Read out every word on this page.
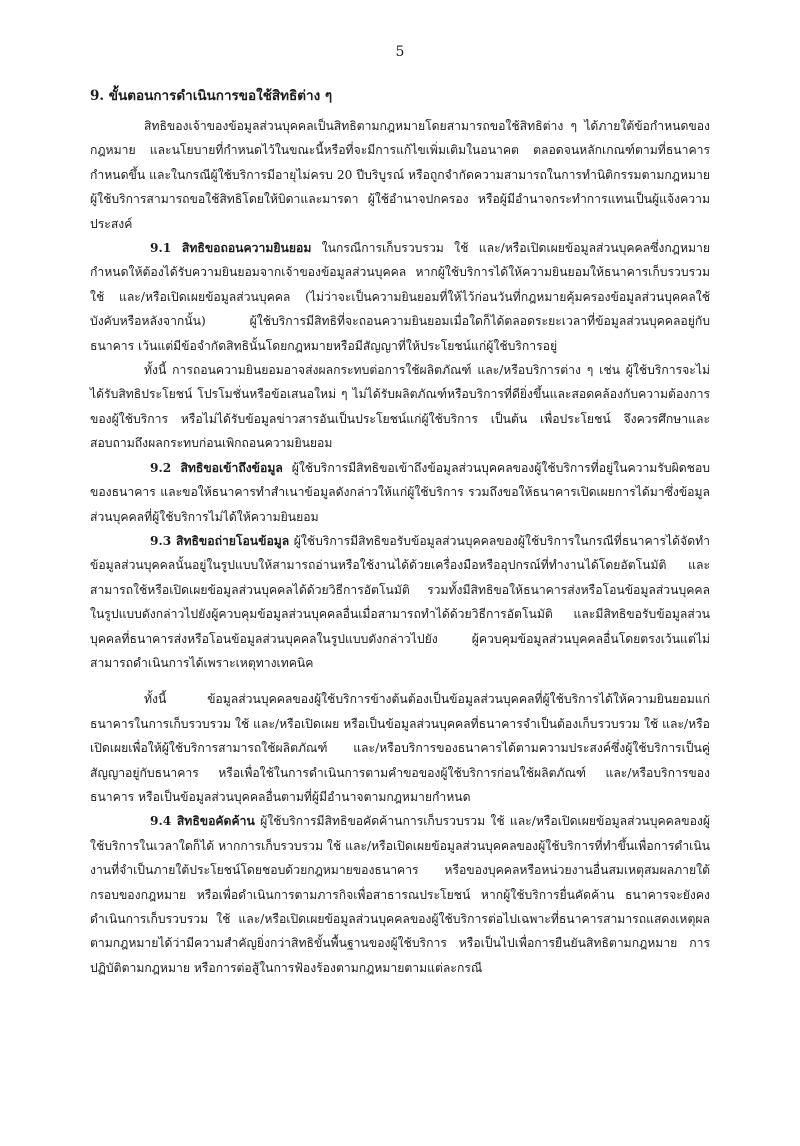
5
9. ขั้นตอนการดำเนินการขอใช้สิทธิต่าง ๆ

สิทธิของเจ้าของข้อมูลส่วนบุคคลเป็นสิทธิตามกฎหมายโดยสามารถขอใช้สิทธิต่าง ๆ ได้ภายใต้ข้อกำหนดของกฎหมาย และนโยบายที่กำหนดไว้ในขณะนี้หรือที่จะมีการแก้ไขเพิ่มเติมในอนาคต ตลอดจนหลักเกณฑ์ตามที่ธนาคารกำหนดขึ้น และในกรณีผู้ใช้บริการมีอายุไม่ครบ 20 ปีบริบูรณ์ หรือถูกจำกัดความสามารถในการทำนิติกรรมตามกฎหมาย ผู้ใช้บริการสามารถขอใช้สิทธิโดยให้บิดาและมารดา ผู้ใช้อำนาจปกครอง หรือผู้มีอำนาจกระทำการแทนเป็นผู้แจ้งความประสงค์

9.1 สิทธิขอถอนความยินยอม ในกรณีการเก็บรวบรวม ใช้ และ/หรือเปิดเผยข้อมูลส่วนบุคคลซึ่งกฎหมายกำหนดให้ต้องได้รับความยินยอมจากเจ้าของข้อมูลส่วนบุคคล หากผู้ใช้บริการได้ให้ความยินยอมให้ธนาคารเก็บรวบรวม ใช้ และ/หรือเปิดเผยข้อมูลส่วนบุคคล (ไม่ว่าจะเป็นความยินยอมที่ให้ไว้ก่อนวันที่กฎหมายคุ้มครองข้อมูลส่วนบุคคลใช้บังคับหรือหลังจากนั้น) ผู้ใช้บริการมีสิทธิที่จะถอนความยินยอมเมื่อใดก็ได้ตลอดระยะเวลาที่ข้อมูลส่วนบุคคลอยู่กับธนาคาร เว้นแต่มีข้อจำกัดสิทธินั้นโดยกฎหมายหรือมีสัญญาที่ให้ประโยชน์แก่ผู้ใช้บริการอยู่

ทั้งนี้ การถอนความยินยอมอาจส่งผลกระทบต่อการใช้ผลิตภัณฑ์ และ/หรือบริการต่าง ๆ เช่น ผู้ใช้บริการจะไม่ได้รับสิทธิประโยชน์ โปรโมชั่นหรือข้อเสนอใหม่ ๆ ไม่ได้รับผลิตภัณฑ์หรือบริการที่ดียิ่งขึ้นและสอดคล้องกับความต้องการของผู้ใช้บริการ หรือไม่ได้รับข้อมูลข่าวสารอันเป็นประโยชน์แก่ผู้ใช้บริการ เป็นต้น เพื่อประโยชน์ จึงควรศึกษาและสอบถามถึงผลกระทบก่อนเพิกถอนความยินยอม

9.2 สิทธิขอเข้าถึงข้อมูล ผู้ใช้บริการมีสิทธิขอเข้าถึงข้อมูลส่วนบุคคลของผู้ใช้บริการที่อยู่ในความรับผิดชอบของธนาคาร และขอให้ธนาคารทำสำเนาข้อมูลดังกล่าวให้แก่ผู้ใช้บริการ รวมถึงขอให้ธนาคารเปิดเผยการได้มาซึ่งข้อมูลส่วนบุคคลที่ผู้ใช้บริการไม่ได้ให้ความยินยอม

9.3 สิทธิขอถ่ายโอนข้อมูล ผู้ใช้บริการมีสิทธิขอรับข้อมูลส่วนบุคคลของผู้ใช้บริการในกรณีที่ธนาคารได้จัดทำข้อมูลส่วนบุคคลนั้นอยู่ในรูปแบบให้สามารถอ่านหรือใช้งานได้ด้วยเครื่องมือหรืออุปกรณ์ที่ทำงานได้โดยอัตโนมัติ และสามารถใช้หรือเปิดเผยข้อมูลส่วนบุคคลได้ด้วยวิธีการอัตโนมัติ รวมทั้งมีสิทธิขอให้ธนาคารส่งหรือโอนข้อมูลส่วนบุคคลในรูปแบบดังกล่าวไปยังผู้ควบคุมข้อมูลส่วนบุคคลอื่นเมื่อสามารถทำได้ด้วยวิธีการอัตโนมัติ และมีสิทธิขอรับข้อมูลส่วนบุคคลที่ธนาคารส่งหรือโอนข้อมูลส่วนบุคคลในรูปแบบดังกล่าวไปยัง ผู้ควบคุมข้อมูลส่วนบุคคลอื่นโดยตรงเว้นแต่ไม่สามารถดำเนินการได้เพราะเหตุทางเทคนิค

ทั้งนี้ ข้อมูลส่วนบุคคลของผู้ใช้บริการข้างต้นต้องเป็นข้อมูลส่วนบุคคลที่ผู้ใช้บริการได้ให้ความยินยอมแก่ธนาคารในการเก็บรวบรวม ใช้ และ/หรือเปิดเผย หรือเป็นข้อมูลส่วนบุคคลที่ธนาคารจำเป็นต้องเก็บรวบรวม ใช้ และ/หรือเปิดเผยเพื่อให้ผู้ใช้บริการสามารถใช้ผลิตภัณฑ์ และ/หรือบริการของธนาคารได้ตามความประสงค์ซึ่งผู้ใช้บริการเป็นคู่สัญญาอยู่กับธนาคาร หรือเพื่อใช้ในการดำเนินการตามคำขอของผู้ใช้บริการก่อนใช้ผลิตภัณฑ์ และ/หรือบริการของธนาคาร หรือเป็นข้อมูลส่วนบุคคลอื่นตามที่ผู้มีอำนาจตามกฎหมายกำหนด

9.4 สิทธิขอคัดค้าน ผู้ใช้บริการมีสิทธิขอคัดค้านการเก็บรวบรวม ใช้ และ/หรือเปิดเผยข้อมูลส่วนบุคคลของผู้ใช้บริการในเวลาใดก็ได้ หากการเก็บรวบรวม ใช้ และ/หรือเปิดเผยข้อมูลส่วนบุคคลของผู้ใช้บริการที่ทำขึ้นเพื่อการดำเนินงานที่จำเป็นภายใต้ประโยชน์โดยชอบด้วยกฎหมายของธนาคาร หรือของบุคคลหรือหน่วยงานอื่นสมเหตุสมผลภายใต้กรอบของกฎหมาย หรือเพื่อดำเนินการตามภารกิจเพื่อสาธารณประโยชน์ หากผู้ใช้บริการยื่นคัดค้าน ธนาคารจะยังคงดำเนินการเก็บรวบรวม ใช้ และ/หรือเปิดเผยข้อมูลส่วนบุคคลของผู้ใช้บริการต่อไปเฉพาะที่ธนาคารสามารถแสดงเหตุผลตามกฎหมายได้ว่ามีความสำคัญยิ่งกว่าสิทธิขั้นพื้นฐานของผู้ใช้บริการ หรือเป็นไปเพื่อการยืนยันสิทธิตามกฎหมาย การปฏิบัติตามกฎหมาย หรือการต่อสู้ในการฟ้องร้องตามกฎหมายตามแต่ละกรณี
